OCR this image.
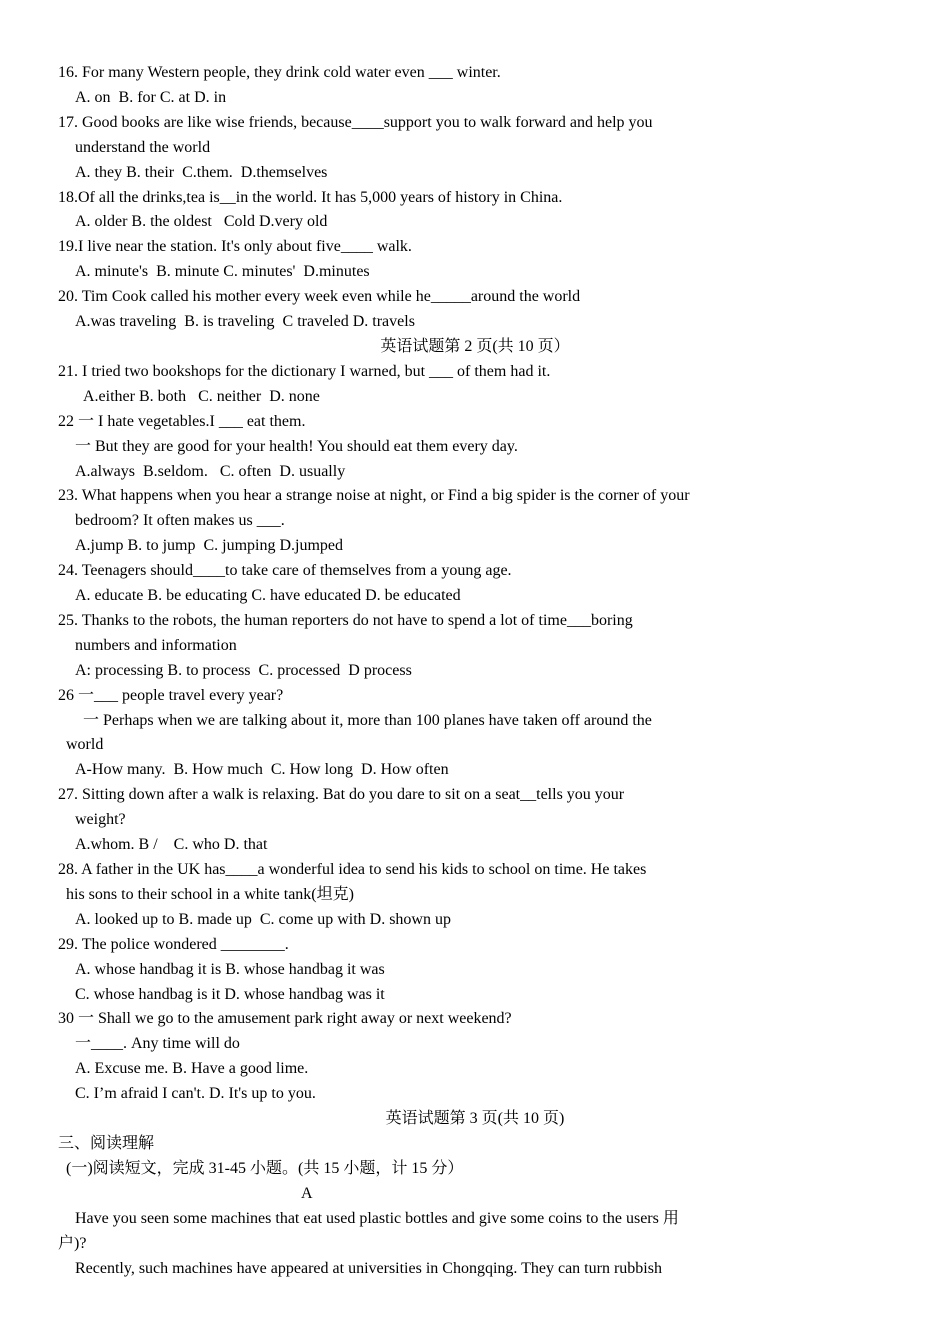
16. For many Western people, they drink cold water even ___ winter.
A. on  B. for C. at D. in
17. Good books are like wise friends, because____support you to walk forward and help you
understand the world
A. they B. their  C.them.  D.themselves
18.Of all the drinks,tea is__in the world. It has 5,000 years of history in China.
A. older B. the oldest   Cold D.very old
19.I live near the station. It's only about five____ walk.
A. minute's  B. minute C. minutes'  D.minutes
20. Tim Cook called his mother every week even while he_____around the world
A.was traveling  B. is traveling  C traveled D. travels
英语试题第 2 页(共 10 页）
21. I tried two bookshops for the dictionary I warned, but ___ of them had it.
A.either B. both   C. neither  D. none
22 一 I hate vegetables.I ___ eat them.
一 But they are good for your health! You should eat them every day.
A.always  B.seldom.   C. often  D. usually
23. What happens when you hear a strange noise at night, or Find a big spider is the corner of your
bedroom? It often makes us ___.
A.jump B. to jump  C. jumping D.jumped
24. Teenagers should____to take care of themselves from a young age.
A. educate B. be educating C. have educated D. be educated
25. Thanks to the robots, the human reporters do not have to spend a lot of time___boring
numbers and information
A: processing B. to process  C. processed  D process
26 一___ people travel every year?
一 Perhaps when we are talking about it, more than 100 planes have taken off around the
world
A-How many.  B. How much  C. How long  D. How often
27. Sitting down after a walk is relaxing. Bat do you dare to sit on a seat__tells you your
weight?
A.whom. B /    C. who D. that
28. A father in the UK has____a wonderful idea to send his kids to school on time. He takes
his sons to their school in a white tank(坦克)
A. looked up to B. made up  C. come up with D. shown up
29. The police wondered ________.
A. whose handbag it is B. whose handbag it was
C. whose handbag is it D. whose handbag was it
30 一 Shall we go to the amusement park right away or next weekend?
一____. Any time will do
A. Excuse me. B. Have a good lime.
C. I’m afraid I can't. D. It's up to you.
英语试题第 3 页(共 10 页)
三、阅读理解
(一)阅读短文，完成 31-45 小题。(共 15 小题，计 15 分）
A
Have you seen some machines that eat used plastic bottles and give some coins to the users 用
户)?
Recently, such machines have appeared at universities in Chongqing. They can turn rubbish
